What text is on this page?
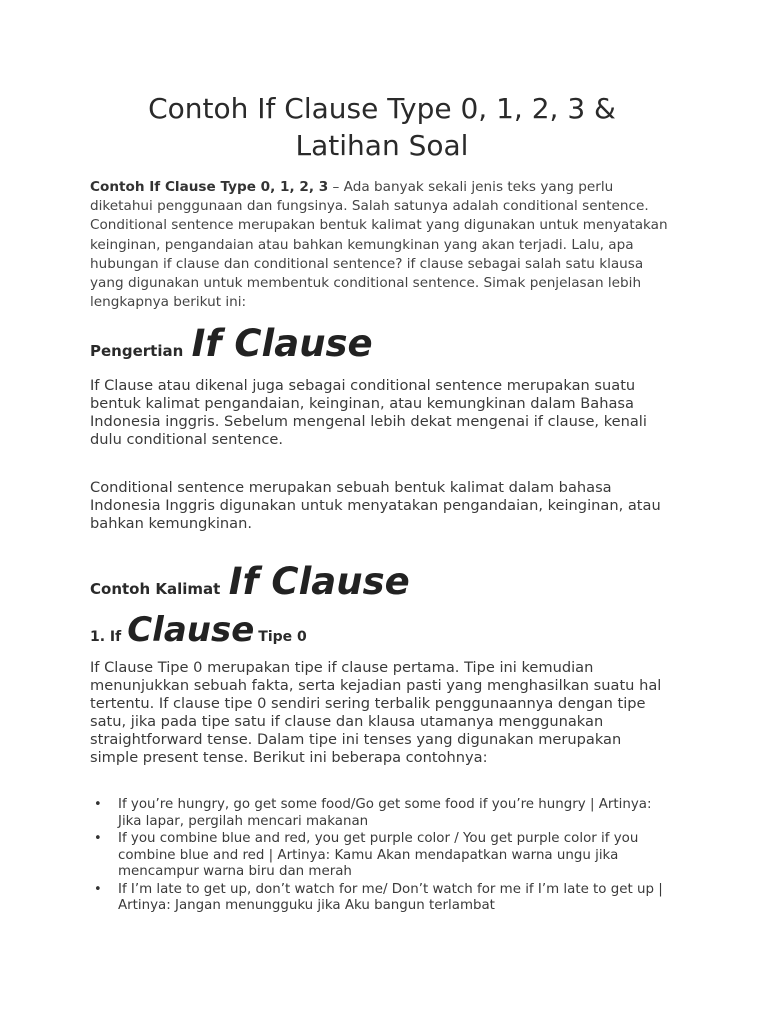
Contoh If Clause Type 0, 1, 2, 3 &
Latihan Soal

Contoh If Clause Type 0, 1, 2, 3 – Ada banyak sekali jenis teks yang perlu diketahui penggunaan dan fungsinya. Salah satunya adalah conditional sentence. Conditional sentence merupakan bentuk kalimat yang digunakan untuk menyatakan keinginan, pengandaian atau bahkan kemungkinan yang akan terjadi. Lalu, apa hubungan if clause dan conditional sentence? if clause sebagai salah satu klausa yang digunakan untuk membentuk conditional sentence. Simak penjelasan lebih lengkapnya berikut ini:

Pengertian If Clause

If Clause atau dikenal juga sebagai conditional sentence merupakan suatu bentuk kalimat pengandaian, keinginan, atau kemungkinan dalam Bahasa Indonesia inggris. Sebelum mengenal lebih dekat mengenai if clause, kenali dulu conditional sentence.

Conditional sentence merupakan sebuah bentuk kalimat dalam bahasa Indonesia Inggris digunakan untuk menyatakan pengandaian, keinginan, atau bahkan kemungkinan.

Contoh Kalimat If Clause
1. If Clause Tipe 0

If Clause Tipe 0 merupakan tipe if clause pertama. Tipe ini kemudian menunjukkan sebuah fakta, serta kejadian pasti yang menghasilkan suatu hal tertentu. If clause tipe 0 sendiri sering terbalik penggunaannya dengan tipe satu, jika pada tipe satu if clause dan klausa utamanya menggunakan straightforward tense. Dalam tipe ini tenses yang digunakan merupakan simple present tense. Berikut ini beberapa contohnya:

• If you’re hungry, go get some food/Go get some food if you’re hungry | Artinya: Jika lapar, pergilah mencari makanan
• If you combine blue and red, you get purple color / You get purple color if you combine blue and red | Artinya: Kamu Akan mendapatkan warna ungu jika mencampur warna biru dan merah
• If I’m late to get up, don’t watch for me/ Don’t watch for me if I’m late to get up | Artinya: Jangan menungguku jika Aku bangun terlambat
